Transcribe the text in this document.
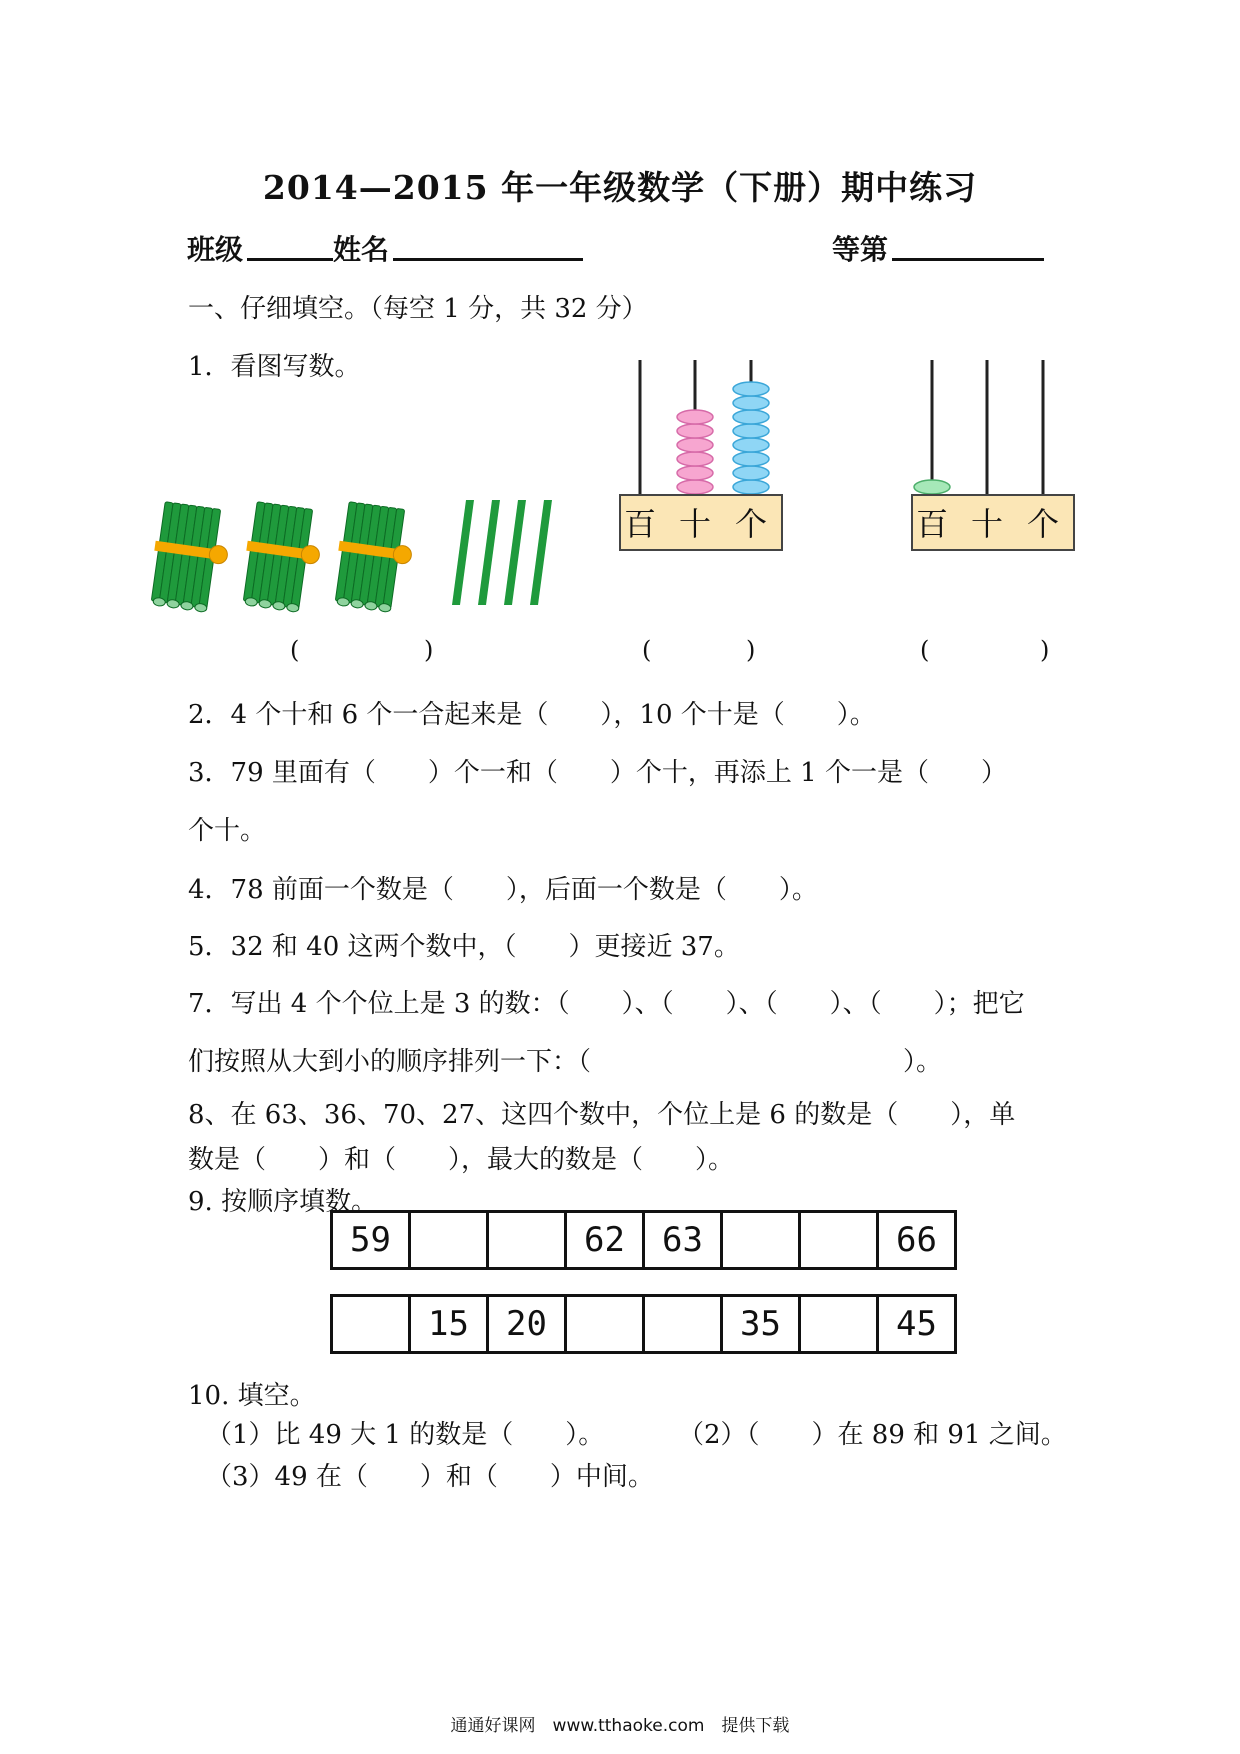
2014—2015 年一年级数学（下册）期中练习
班级	姓名	等第
一、仔细填空。（每空 1 分，共 32 分）
1．看图写数。
百 十 个	百 十 个
(	)	(	)	(	)
2．4 个十和 6 个一合起来是（　　），10 个十是（　　）。
3．79 里面有（　　）个一和（　　）个十，再添上 1 个一是（　　）
个十。
4．78 前面一个数是（　　），后面一个数是（　　）。
5．32 和 40 这两个数中，（　　）更接近 37。
7．写出 4 个个位上是 3 的数：（　　）、（　　）、（　　）、（　　）；把它
们按照从大到小的顺序排列一下：（　　　　　　　　　　　　）。
8、在 63、36、70、27、这四个数中，个位上是 6 的数是（　　），单
数是（　　）和（　　），最大的数是（　　）。
9. 按顺序填数。
59			62	63			66
	15	20			35		45
10. 填空。
（1）比 49 大 1 的数是（　　）。	（2）（　　）在 89 和 91 之间。
（3）49 在（　　）和（　　）中间。
通通好课网　www.tthaoke.com　提供下载
